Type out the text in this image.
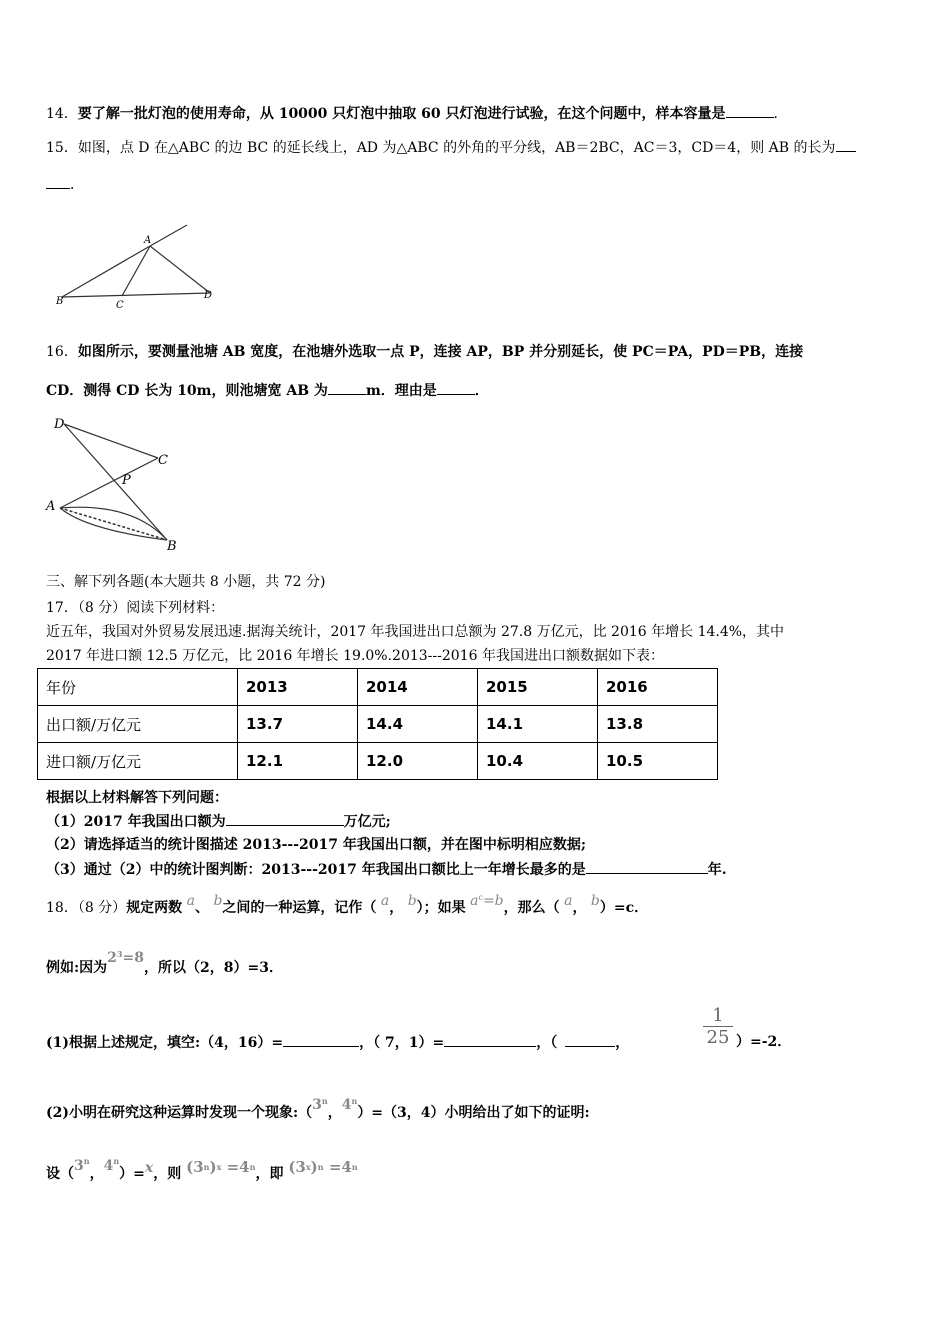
14．要了解一批灯泡的使用寿命，从 10000 只灯泡中抽取 60 只灯泡进行试验，在这个问题中，样本容量是	．
15．如图，点 D 在△ABC 的边 BC 的延长线上，AD 为△ABC 的外角的平分线，AB＝2BC，AC＝3，CD＝4，则 AB 的长为
．
A
B	C
D
16．如图所示，要测量池塘 AB 宽度，在池塘外选取一点 P，连接 AP，BP 并分别延长，使 PC＝PA，PD＝PB，连接
CD．测得 CD 长为 10m，则池塘宽 AB 为	m．理由是	．
D
C
P
A
B
三、解下列各题(本大题共 8 小题，共 72 分)
17．（8 分）阅读下列材料：
近五年，我国对外贸易发展迅速.据海关统计，2017 年我国进出口总额为 27.8 万亿元，比 2016 年增长 14.4%，其中
2017 年进口额 12.5 万亿元，比 2016 年增长 19.0%.2013---2016 年我国进出口额数据如下表：
年份	2013	2014	2015	2016
出口额/万亿元	13.7	14.4	14.1	13.8
进口额/万亿元	12.1	12.0	10.4	10.5
根据以上材料解答下列问题：
（1）2017 年我国出口额为	万亿元;
（2）请选择适当的统计图描述 2013---2017 年我国出口额，并在图中标明相应数据;
（3）通过（2）中的统计图判断：2013---2017 年我国出口额比上一年增长最多的是	年.
18．（8 分）规定两数 a、 b之间的一种运算，记作（ a， b）；如果 $a^c=b$，那么（ a， b）=c．
例如:因为$2^3=8$，所以（2，8）=3．
(1)根据上述规定，填空:（4，16）=	，（ 7，1）=	，（	，	$\frac{1}{25} )=-2$．
(2)小明在研究这种运算时发现一个现象:（3$^n$，$4^n)=(3$，4）小明给出了如下的证明:
设（3$^n$，$4^n)=x$，则 $(3^n)^x =4^n$，即 $(3^x)^n =4^n$
